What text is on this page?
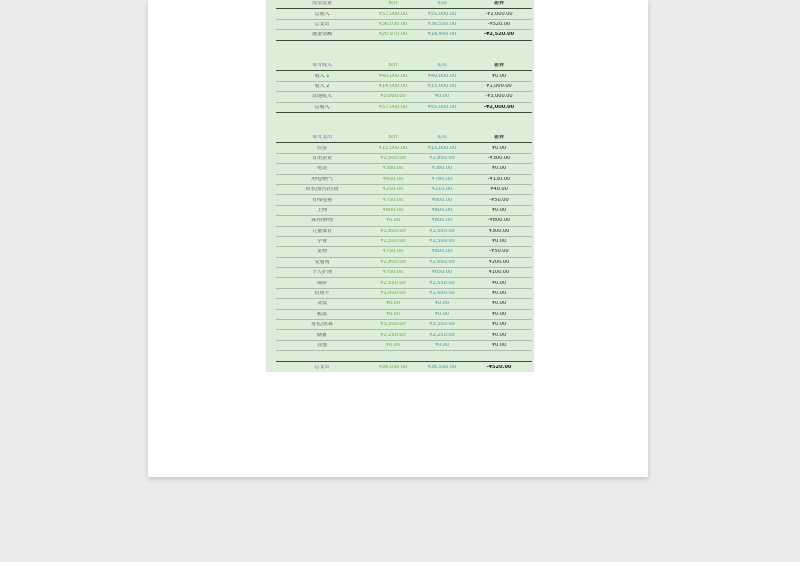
现金流量	预计	实际	差异
总收入	¥57,000.00	¥55,000.00	-¥2,000.00
总支出	¥36,030.00	¥36,550.00	-¥520.00
现金余额	¥20,970.00	¥18,450.00	-¥2,520.00
每月收入	预计	实际	差异
收入 1	¥40,000.00	¥40,000.00	¥0.00
收入 2	¥14,000.00	¥15,000.00	¥1,000.00
其他收入	¥3,000.00	¥0.00	-¥3,000.00
总收入	¥57,000.00	¥55,000.00	-¥2,000.00
每月支出	预计	实际	差异
住房	¥15,000.00	¥15,000.00	¥0.00
日用杂货	¥2,500.00	¥2,800.00	-¥300.00
电话	¥380.00	¥380.00	¥0.00
用电/燃气	¥650.00	¥780.00	-¥130.00
用水/排污/垃圾	¥250.00	¥210.00	¥40.00
有线电视	¥750.00	¥800.00	-¥50.00
上网	¥800.00	¥800.00	¥0.00
保养/修理	¥0.00	¥800.00	-¥800.00
儿童保育	¥1,800.00	¥1,500.00	¥300.00
学费	¥2,500.00	¥2,500.00	¥0.00
宠物	¥750.00	¥800.00	-¥50.00
交通费	¥2,800.00	¥2,600.00	¥200.00
个人护理	¥750.00	¥650.00	¥100.00
保险	¥2,550.00	¥2,550.00	¥0.00
信用卡	¥1,000.00	¥1,000.00	¥0.00
贷款	¥0.00	¥0.00	¥0.00
税款	¥0.00	¥0.00	¥0.00
进礼/需募	¥3,500.00	¥3,500.00	¥0.00
储蓄	¥2,250.00	¥2,250.00	¥0.00
其他	¥0.00	¥0.00	¥0.00
总支出	¥36,030.00	¥36,550.00	-¥520.00
